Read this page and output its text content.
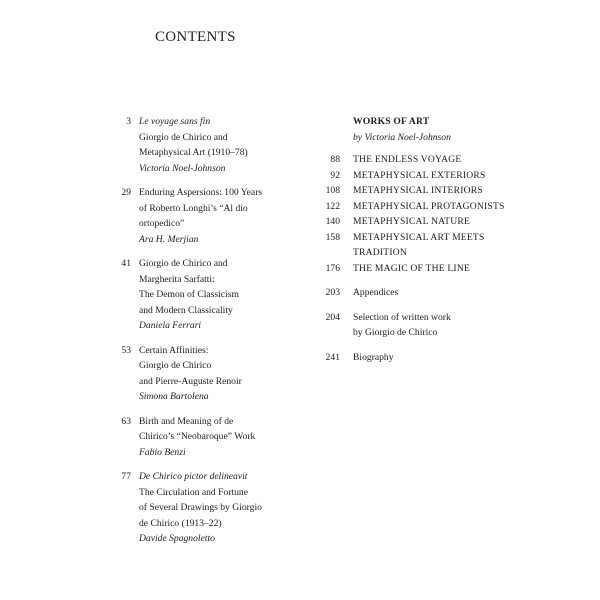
CONTENTS
3 Le voyage sans fin
Giorgio de Chirico and
Metaphysical Art (1910–78)
Victoria Noel-Johnson
29 Enduring Aspersions: 100 Years
of Roberto Longhi’s “Al dio
ortopedico”
Ara H. Merjian
41 Giorgio de Chirico and
Margherita Sarfatti:
The Demon of Classicism
and Modern Classicality
Daniela Ferrari
53 Certain Affinities:
Giorgio de Chirico
and Pierre-Auguste Renoir
Simona Bartolena
63 Birth and Meaning of de
Chirico’s “Neobaroque” Work
Fabio Benzi
77 De Chirico pictor delineavit
The Circulation and Fortune
of Several Drawings by Giorgio
de Chirico (1913–22)
Davide Spagnoletto
WORKS OF ART
by Victoria Noel-Johnson
88	THE ENDLESS VOYAGE
92	METAPHYSICAL EXTERIORS
108	METAPHYSICAL INTERIORS
122	METAPHYSICAL PROTAGONISTS
140	METAPHYSICAL NATURE
158	METAPHYSICAL ART MEETS
TRADITION
176	THE MAGIC OF THE LINE
203	Appendices
204	Selection of written work
by Giorgio de Chirico
241	Biography
